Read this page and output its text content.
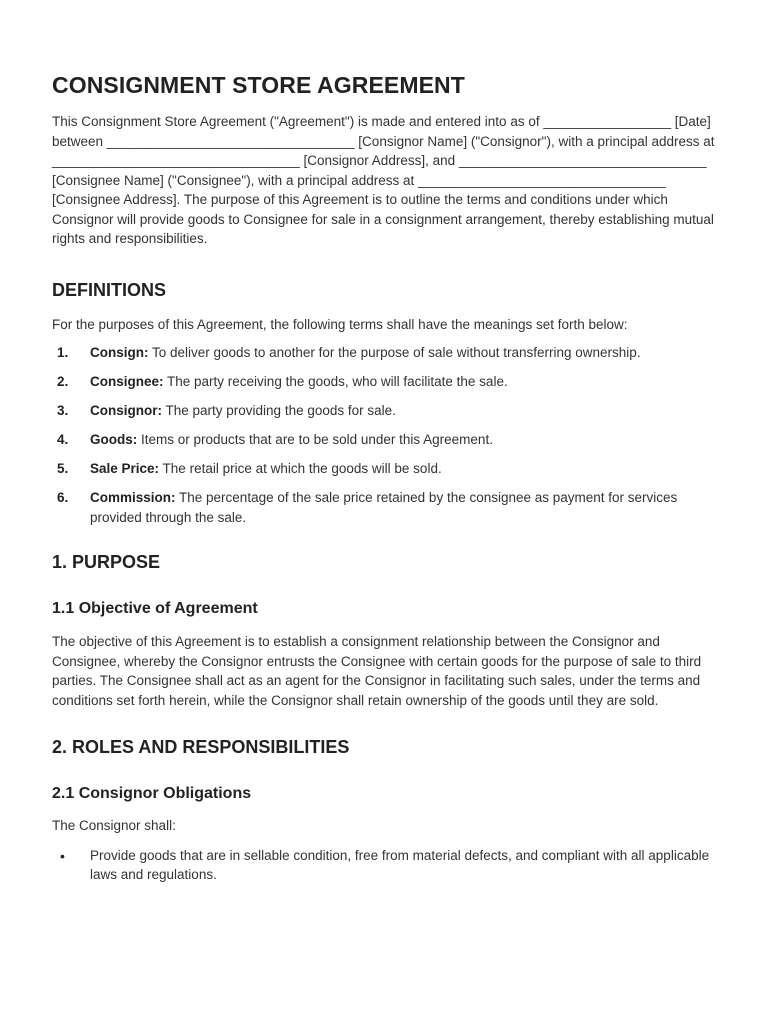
CONSIGNMENT STORE AGREEMENT

This Consignment Store Agreement ("Agreement") is made and entered into as of _________________ [Date] between _________________________________ [Consignor Name] ("Consignor"), with a principal address at _________________________________ [Consignor Address], and _________________________________ [Consignee Name] ("Consignee"), with a principal address at _________________________________ [Consignee Address]. The purpose of this Agreement is to outline the terms and conditions under which Consignor will provide goods to Consignee for sale in a consignment arrangement, thereby establishing mutual rights and responsibilities.

DEFINITIONS

For the purposes of this Agreement, the following terms shall have the meanings set forth below:

1. Consign: To deliver goods to another for the purpose of sale without transferring ownership.
2. Consignee: The party receiving the goods, who will facilitate the sale.
3. Consignor: The party providing the goods for sale.
4. Goods: Items or products that are to be sold under this Agreement.
5. Sale Price: The retail price at which the goods will be sold.
6. Commission: The percentage of the sale price retained by the consignee as payment for services provided through the sale.
1. PURPOSE
1.1 Objective of Agreement

The objective of this Agreement is to establish a consignment relationship between the Consignor and Consignee, whereby the Consignor entrusts the Consignee with certain goods for the purpose of sale to third parties. The Consignee shall act as an agent for the Consignor in facilitating such sales, under the terms and conditions set forth herein, while the Consignor shall retain ownership of the goods until they are sold.

2. ROLES AND RESPONSIBILITIES
2.1 Consignor Obligations

The Consignor shall:

• Provide goods that are in sellable condition, free from material defects, and compliant with all applicable laws and regulations.
